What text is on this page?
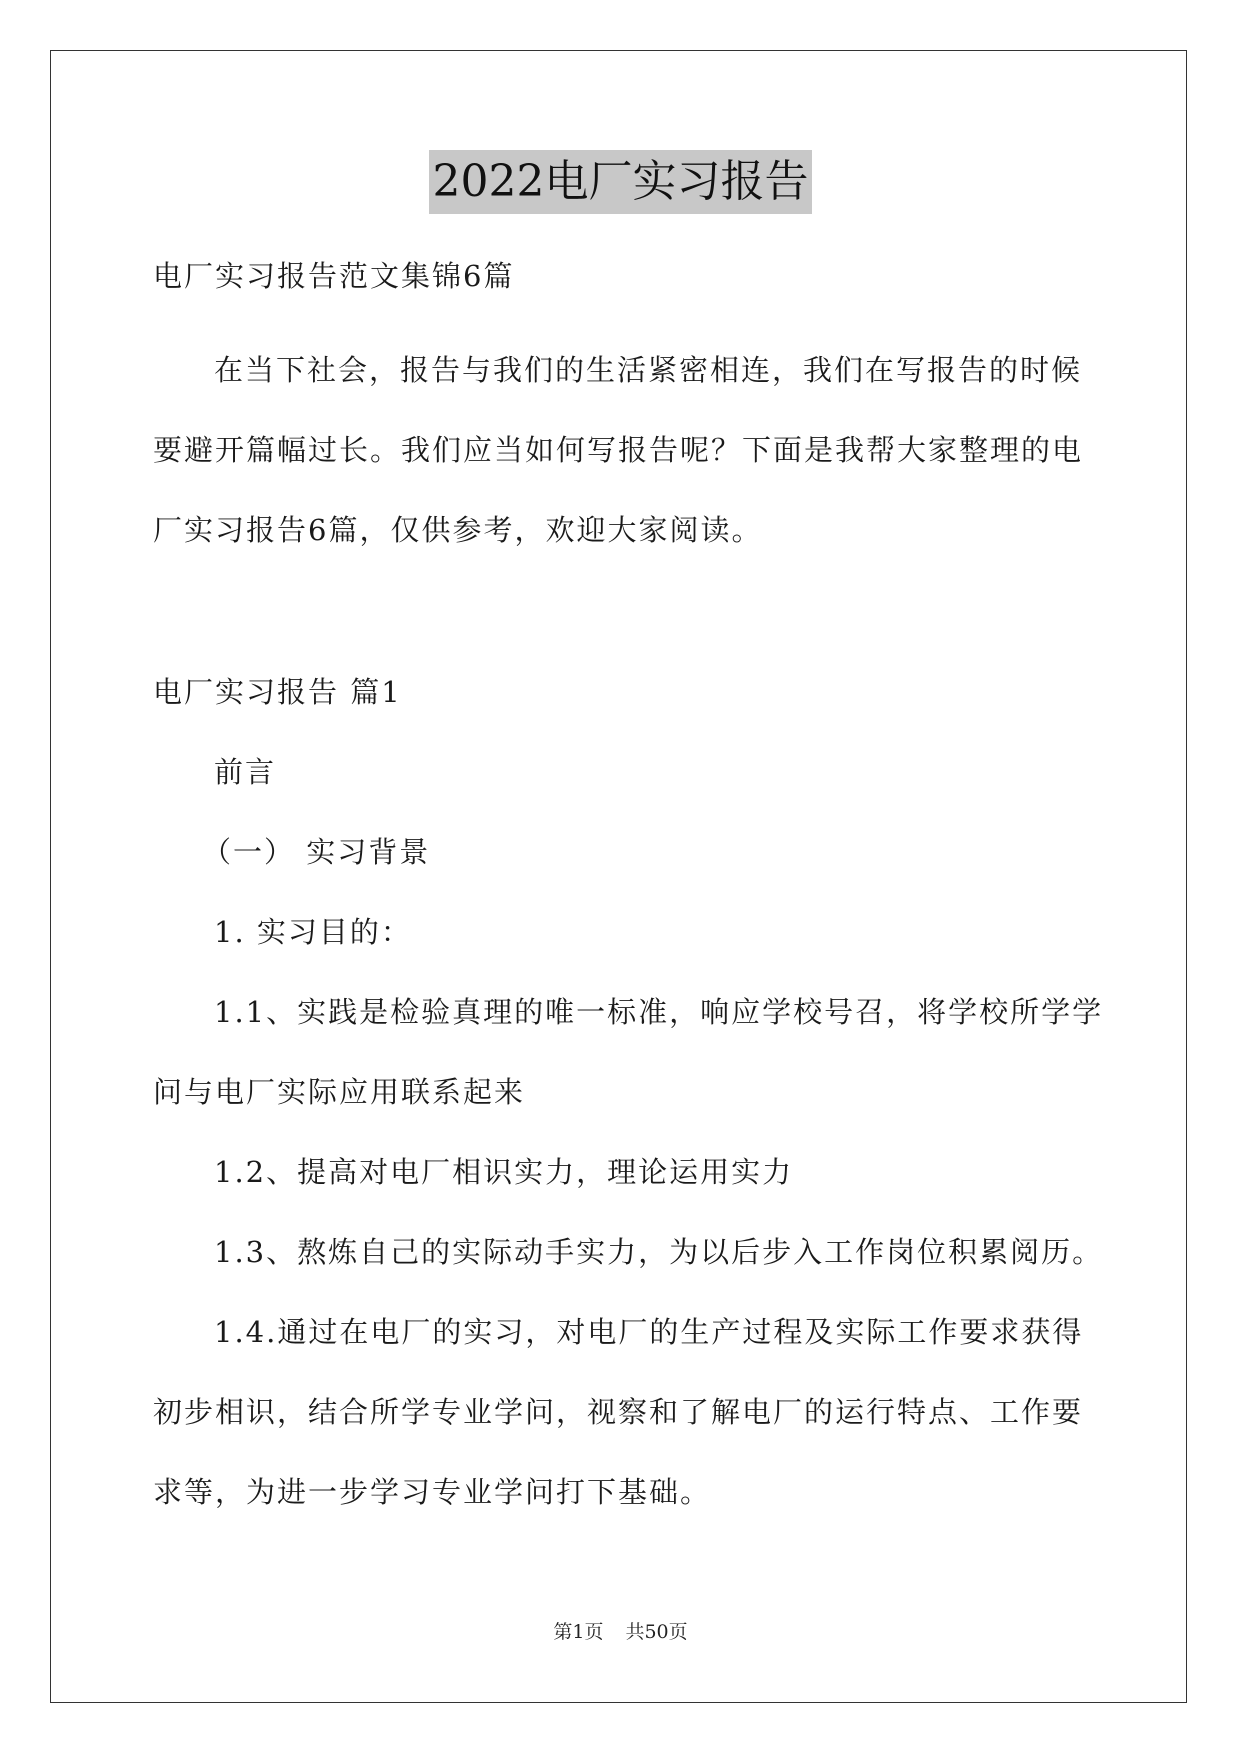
2022电厂实习报告
电厂实习报告范文集锦6篇
在当下社会，报告与我们的生活紧密相连，我们在写报告的时候
要避开篇幅过长。我们应当如何写报告呢？下面是我帮大家整理的电
厂实习报告6篇，仅供参考，欢迎大家阅读。
电厂实习报告 篇1
前言
（一） 实习背景
1. 实习目的：
1.1、实践是检验真理的唯一标准，响应学校号召，将学校所学学
问与电厂实际应用联系起来
1.2、提高对电厂相识实力，理论运用实力
1.3、熬炼自己的实际动手实力，为以后步入工作岗位积累阅历。
1.4.通过在电厂的实习，对电厂的生产过程及实际工作要求获得
初步相识，结合所学专业学问，视察和了解电厂的运行特点、工作要
求等，为进一步学习专业学问打下基础。
第1页 共50页
